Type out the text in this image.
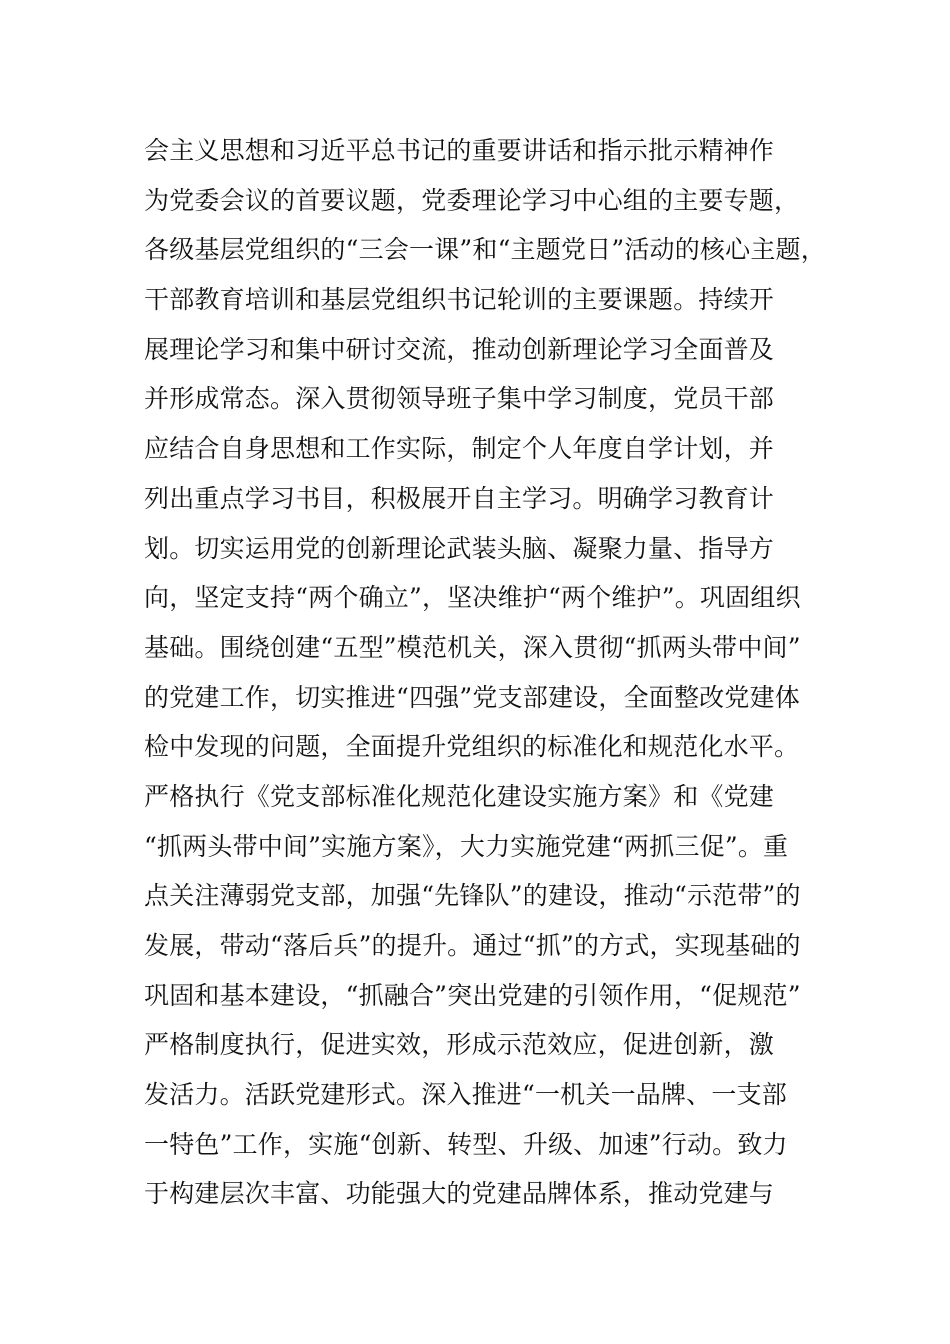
会主义思想和习近平总书记的重要讲话和指示批示精神作
为党委会议的首要议题，党委理论学习中心组的主要专题，
各级基层党组织的“三会一课”和“主题党日”活动的核心主题，
干部教育培训和基层党组织书记轮训的主要课题。持续开
展理论学习和集中研讨交流，推动创新理论学习全面普及
并形成常态。深入贯彻领导班子集中学习制度，党员干部
应结合自身思想和工作实际，制定个人年度自学计划，并
列出重点学习书目，积极展开自主学习。明确学习教育计
划。切实运用党的创新理论武装头脑、凝聚力量、指导方
向，坚定支持“两个确立”，坚决维护“两个维护”。巩固组织
基础。围绕创建“五型”模范机关，深入贯彻“抓两头带中间”
的党建工作，切实推进“四强”党支部建设，全面整改党建体
检中发现的问题，全面提升党组织的标准化和规范化水平。
严格执行《党支部标准化规范化建设实施方案》和《党建
“抓两头带中间”实施方案》，大力实施党建“两抓三促”。重
点关注薄弱党支部，加强“先锋队”的建设，推动“示范带”的
发展，带动“落后兵”的提升。通过“抓”的方式，实现基础的
巩固和基本建设，“抓融合”突出党建的引领作用，“促规范”
严格制度执行，促进实效，形成示范效应，促进创新，激
发活力。活跃党建形式。深入推进“一机关一品牌、一支部
一特色”工作，实施“创新、转型、升级、加速”行动。致力
于构建层次丰富、功能强大的党建品牌体系，推动党建与
